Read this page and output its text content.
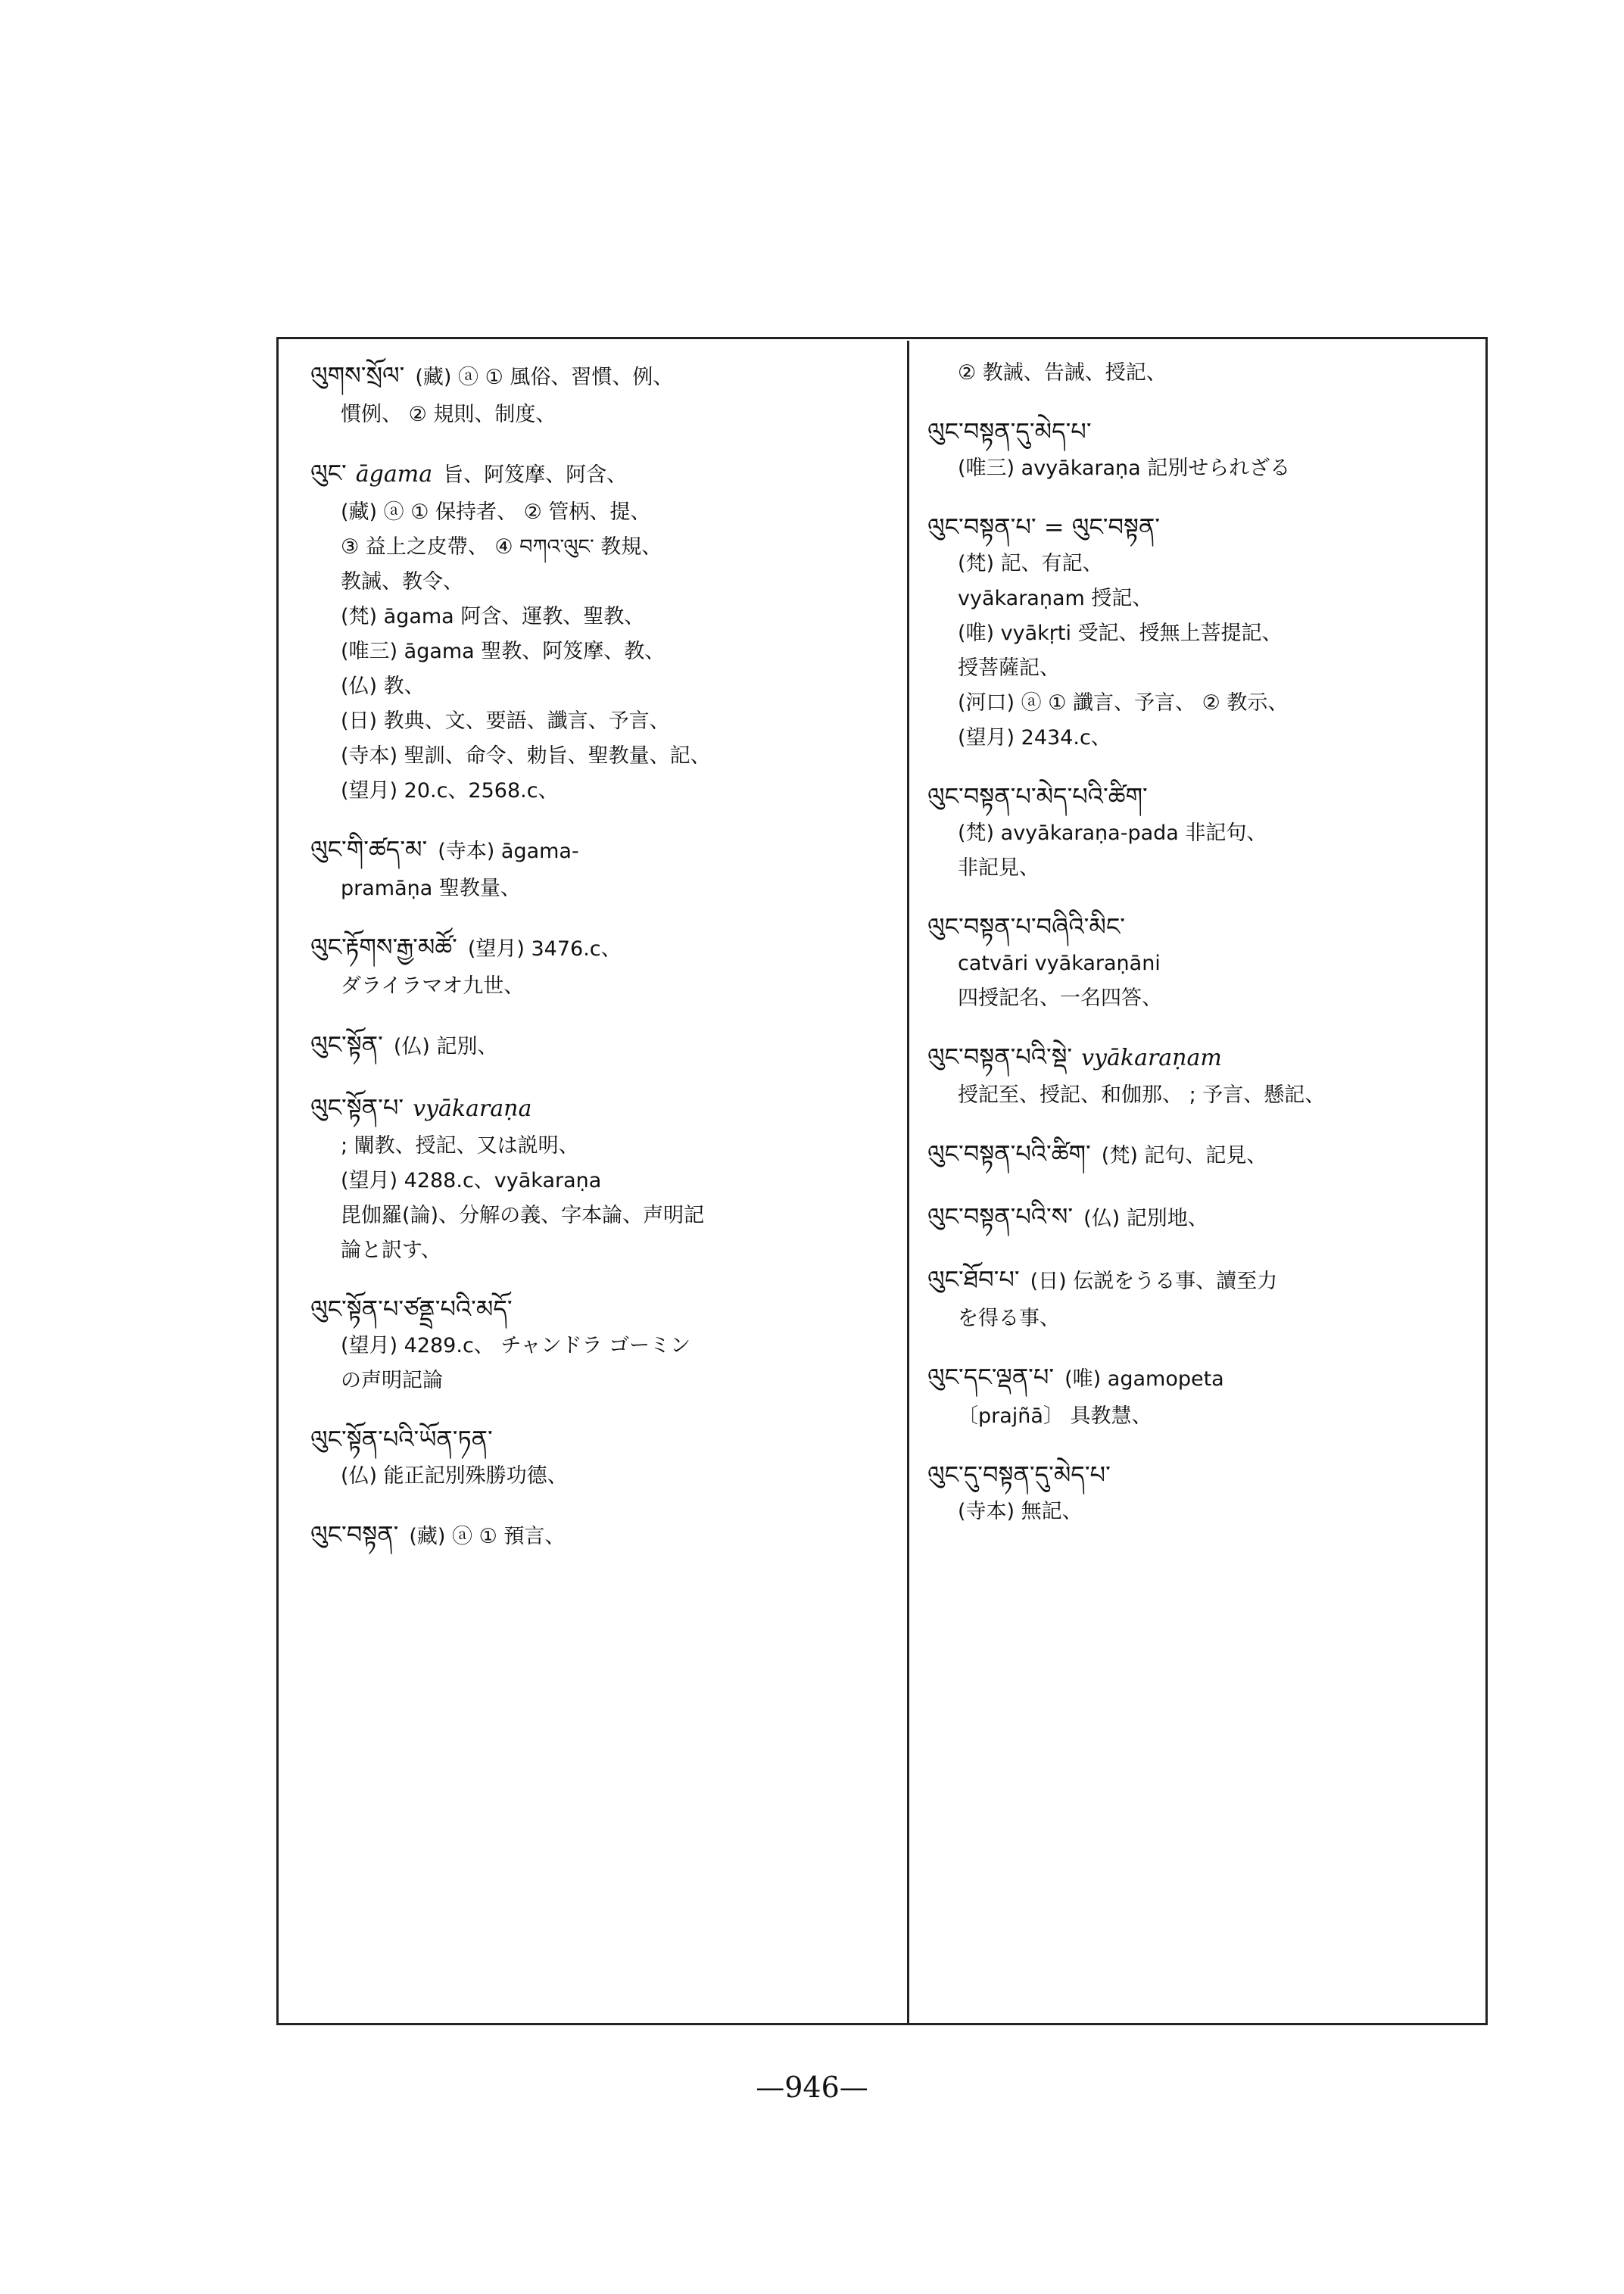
ལུགས་སྲོལ་ (藏) ⓐ ① 風俗、習慣、例、
慣例、 ② 規則、制度、
ལུང་ āgama 旨、阿笈摩、阿含、
(藏) ⓐ ① 保持者、 ② 管柄、提、
③ 益上之皮帶、 ④ བཀའ་ལུང་ 教規、
教誡、教令、
(梵) āgama 阿含、運教、聖教、
(唯三) āgama 聖教、阿笈摩、教、
(仏) 教、
(日) 教典、文、要語、讖言、予言、
(寺本) 聖訓、命令、勅旨、聖教量、記、
(望月) 20.c、2568.c、
ལུང་གི་ཚད་མ་ (寺本) āgama-
pramāṇa 聖教量、
ལུང་རྟོགས་རྒྱ་མཚོ་ (望月) 3476.c、
ダライラマオ九世、
ལུང་སྟོན་ (仏) 記別、
ལུང་སྟོན་པ་ vyākaraṇa
; 闡教、授記、又は説明、
(望月) 4288.c、vyākaraṇa
毘伽羅(論)、分解の義、字本論、声明記
論と訳す、
ལུང་སྟོན་པ་ཙནྡྲ་པའི་མདོ་
(望月) 4289.c、 チャンドラ ゴーミン
の声明記論
ལུང་སྟོན་པའི་ཡོན་ཏན་
(仏) 能正記別殊勝功德、
ལུང་བསྟན་ (藏) ⓐ ① 預言、
② 教誡、告誡、授記、
ལུང་བསྟན་དུ་མེད་པ་
(唯三) avyākaraṇa 記別せられざる
ལུང་བསྟན་པ་ = ལུང་བསྟན་
(梵) 記、有記、
vyākaraṇam 授記、
(唯) vyākṛti 受記、授無上菩提記、
授菩薩記、
(河口) ⓐ ① 讖言、予言、 ② 教示、
(望月) 2434.c、
ལུང་བསྟན་པ་མེད་པའི་ཚིག་
(梵) avyākaraṇa-pada 非記句、
非記見、
ལུང་བསྟན་པ་བཞིའི་མིང་
catvāri vyākaraṇāni
四授記名、一名四答、
ལུང་བསྟན་པའི་སྡེ་ vyākaraṇam
授記至、授記、和伽那、 ; 予言、懸記、
ལུང་བསྟན་པའི་ཚིག་ (梵) 記句、記見、
ལུང་བསྟན་པའི་ས་ (仏) 記別地、
ལུང་ཐོབ་པ་ (日) 伝説をうる事、讀至力
を得る事、
ལུང་དང་ལྡན་པ་ (唯) agamopeta
〔prajñā〕 具教慧、
ལུང་དུ་བསྟན་དུ་མེད་པ་
(寺本) 無記、
—946—
